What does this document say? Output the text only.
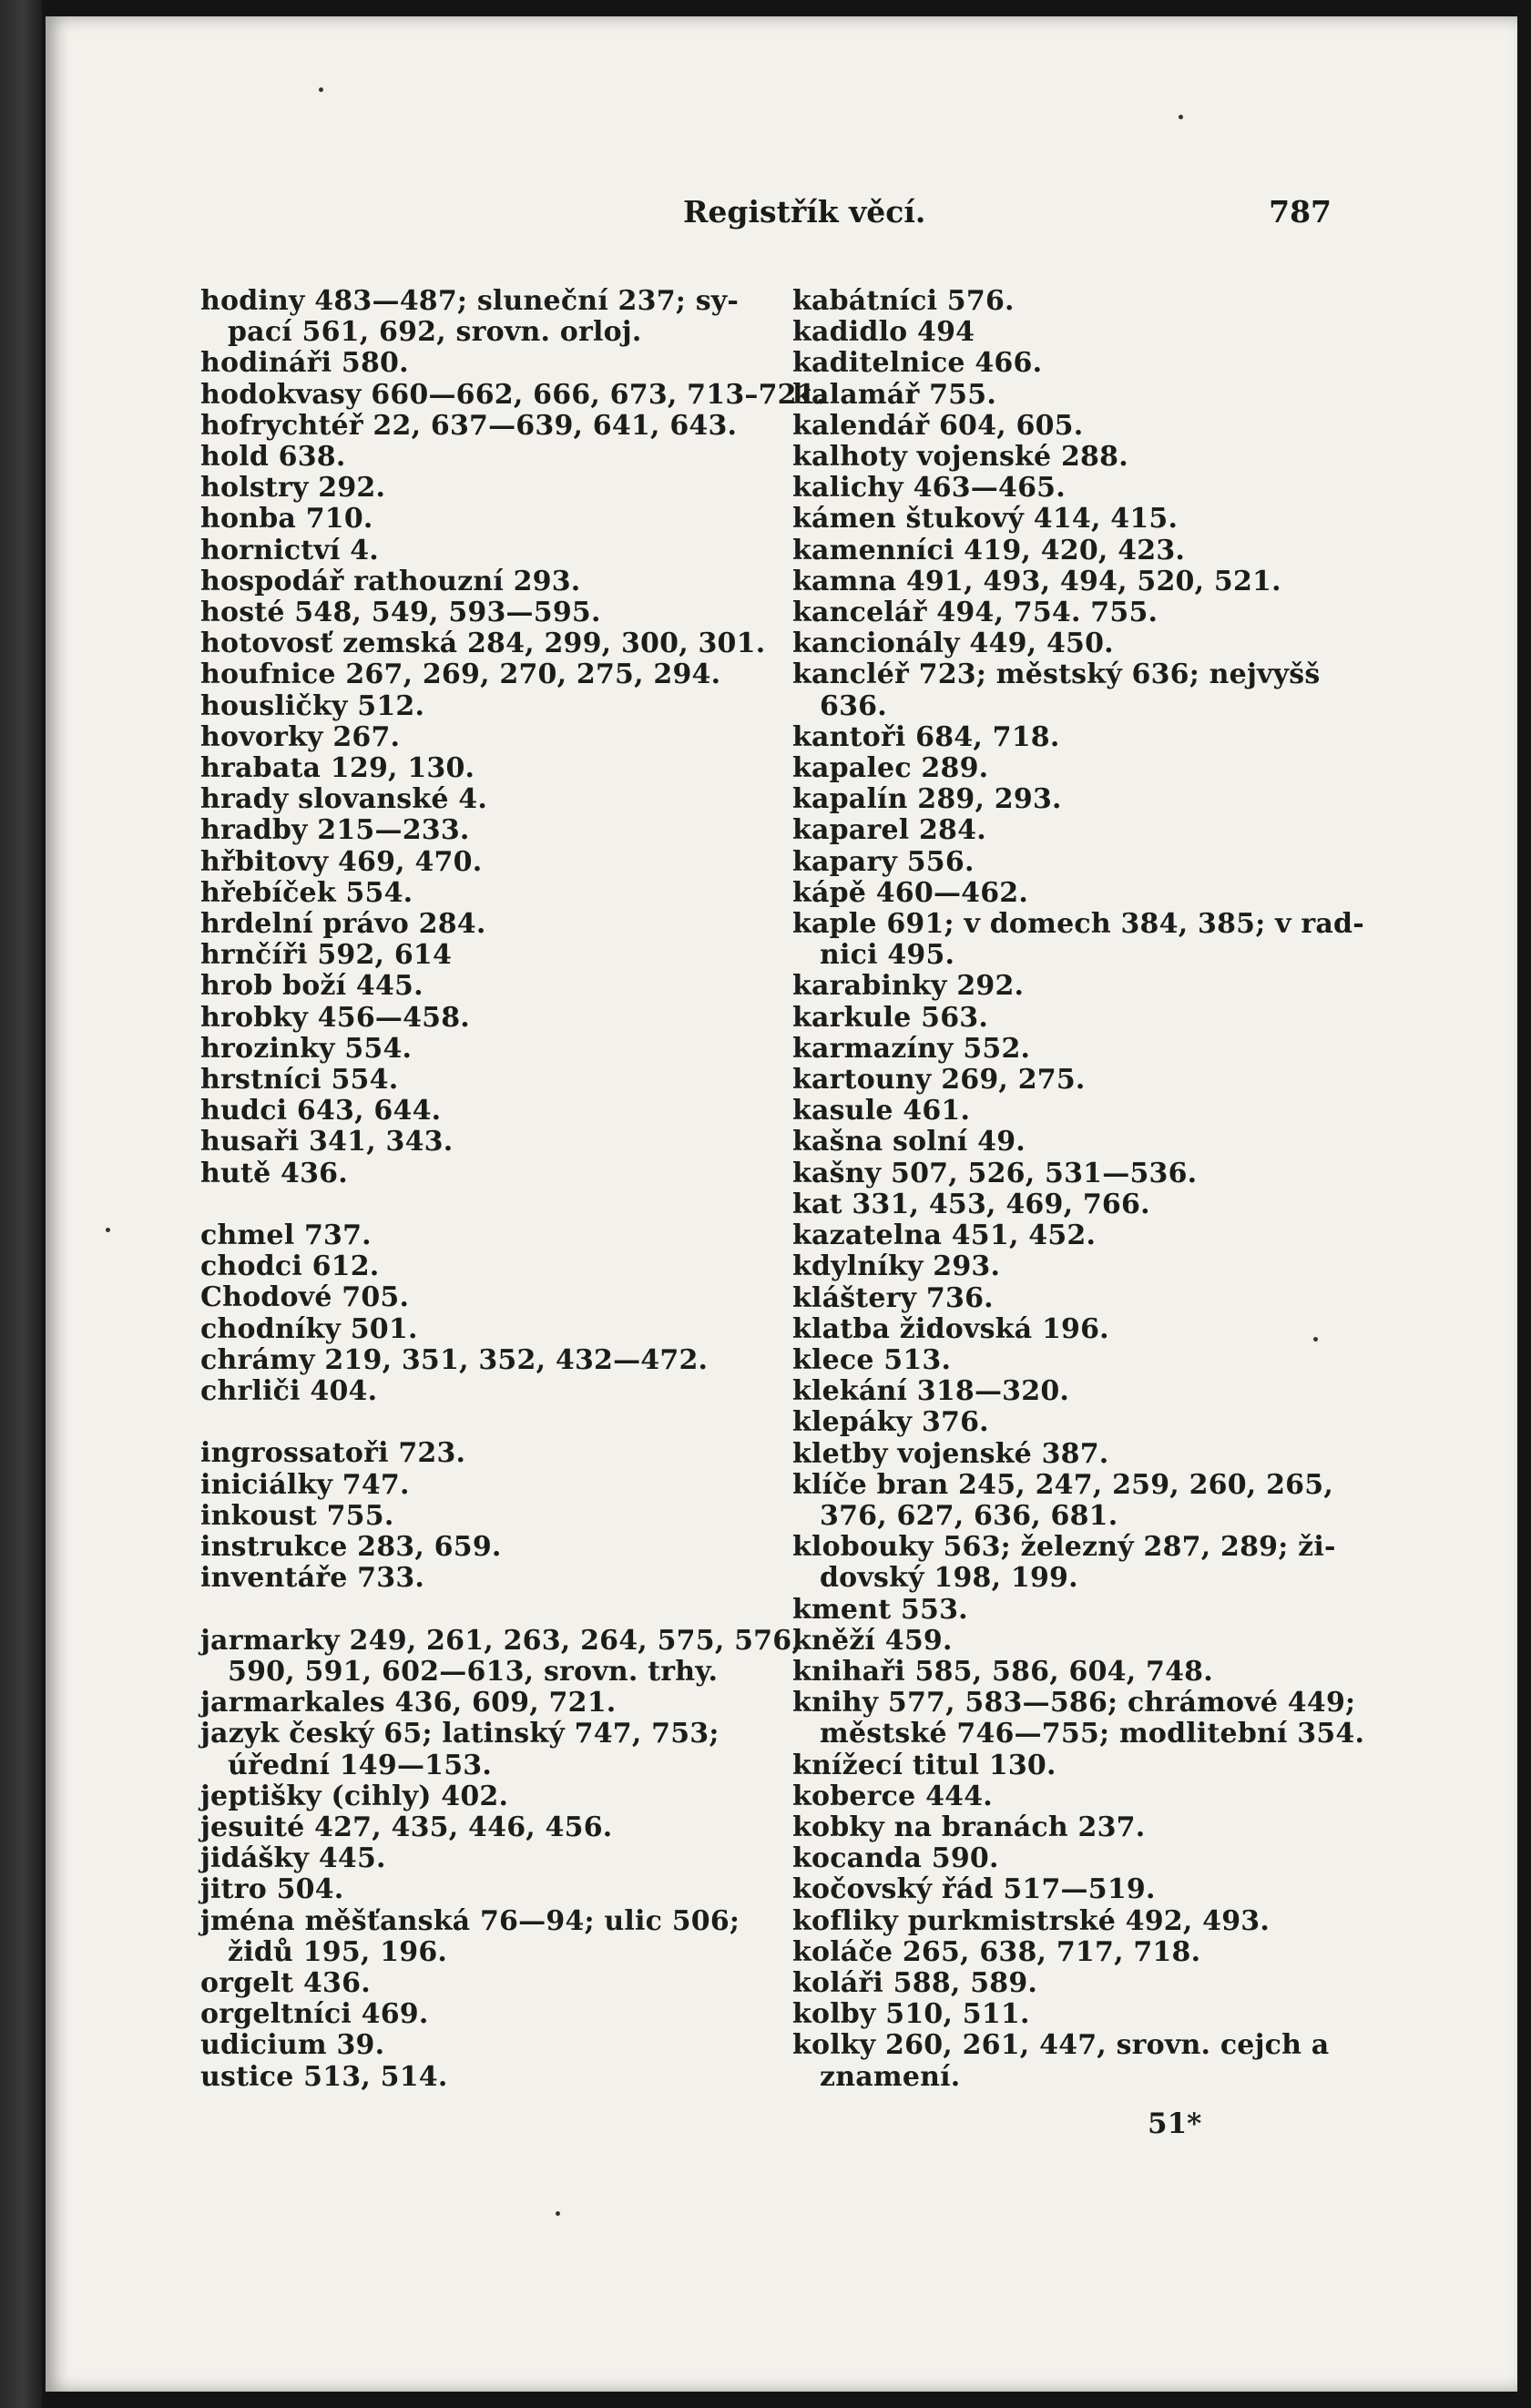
Registřík věcí.	787
hodiny 483—487; sluneční 237; sy-
pací 561, 692, srovn. orloj.
hodináři 580.
hodokvasy 660—662, 666, 673, 713–721.
hofrychtéř 22, 637—639, 641, 643.
hold 638.
holstry 292.
honba 710.
hornictví 4.
hospodář rathouzní 293.
hosté 548, 549, 593—595.
hotovosť zemská 284, 299, 300, 301.
houfnice 267, 269, 270, 275, 294.
housličky 512.
hovorky 267.
hrabata 129, 130.
hrady slovanské 4.
hradby 215—233.
hřbitovy 469, 470.
hřebíček 554.
hrdelní právo 284.
hrnčíři 592, 614
hrob boží 445.
hrobky 456—458.
hrozinky 554.
hrstníci 554.
hudci 643, 644.
husaři 341, 343.
hutě 436.
chmel 737.
chodci 612.
Chodové 705.
chodníky 501.
chrámy 219, 351, 352, 432—472.
chrliči 404.
ingrossatoři 723.
iniciálky 747.
inkoust 755.
instrukce 283, 659.
inventáře 733.
jarmarky 249, 261, 263, 264, 575, 576,
590, 591, 602—613, srovn. trhy.
jarmarkales 436, 609, 721.
jazyk český 65; latinský 747, 753;
úřední 149—153.
jeptišky (cihly) 402.
jesuité 427, 435, 446, 456.
jidášky 445.
jitro 504.
jména měšťanská 76—94; ulic 506;
židů 195, 196.
orgelt 436.
orgeltníci 469.
udicium 39.
ustice 513, 514.
kabátníci 576.
kadidlo 494
kaditelnice 466.
kalamář 755.
kalendář 604, 605.
kalhoty vojenské 288.
kalichy 463—465.
kámen štukový 414, 415.
kamenníci 419, 420, 423.
kamna 491, 493, 494, 520, 521.
kancelář 494, 754. 755.
kancionály 449, 450.
kancléř 723; městský 636; nejvyšš
636.
kantoři 684, 718.
kapalec 289.
kapalín 289, 293.
kaparel 284.
kapary 556.
kápě 460—462.
kaple 691; v domech 384, 385; v rad-
nici 495.
karabinky 292.
karkule 563.
karmazíny 552.
kartouny 269, 275.
kasule 461.
kašna solní 49.
kašny 507, 526, 531—536.
kat 331, 453, 469, 766.
kazatelna 451, 452.
kdylníky 293.
kláštery 736.
klatba židovská 196.
klece 513.
klekání 318—320.
klepáky 376.
kletby vojenské 387.
klíče bran 245, 247, 259, 260, 265,
376, 627, 636, 681.
klobouky 563; železný 287, 289; ži-
dovský 198, 199.
kment 553.
kněží 459.
knihaři 585, 586, 604, 748.
knihy 577, 583—586; chrámové 449;
městské 746—755; modlitební 354.
knížecí titul 130.
koberce 444.
kobky na branách 237.
kocanda 590.
kočovský řád 517—519.
kofliky purkmistrské 492, 493.
koláče 265, 638, 717, 718.
koláři 588, 589.
kolby 510, 511.
kolky 260, 261, 447, srovn. cejch a
znamení.
51*
